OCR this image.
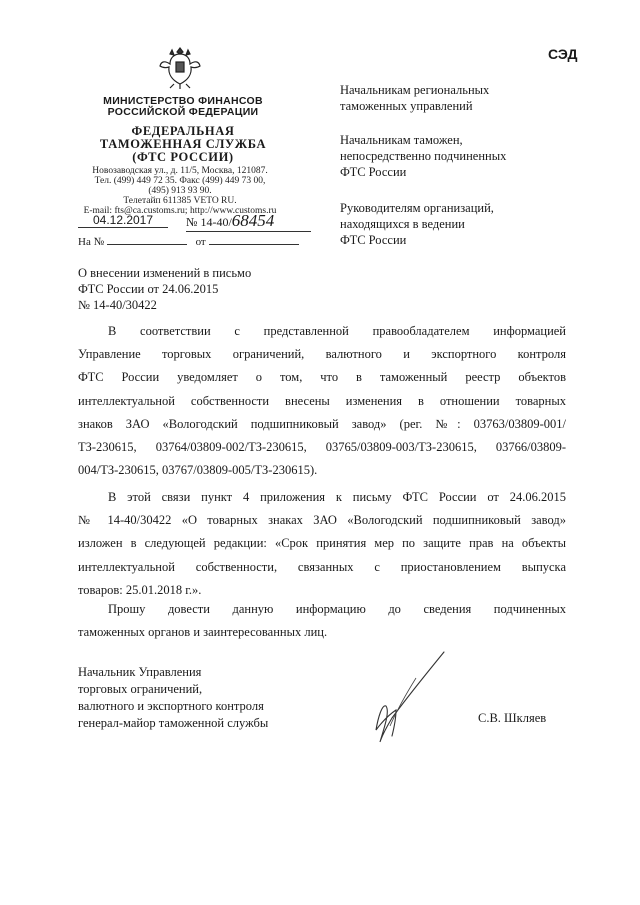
СЭД
МИНИСТЕРСТВО ФИНАНСОВ
РОССИЙСКОЙ ФЕДЕРАЦИИ
ФЕДЕРАЛЬНАЯ
ТАМОЖЕННАЯ СЛУЖБА
(ФТС РОССИИ)
Новозаводская ул., д. 11/5, Москва, 121087.
Тел. (499) 449 72 35. Факс (499) 449 73 00,
(495) 913 93 90.
Телетайп 611385 VETO RU.
E-mail: fts@ca.customs.ru; http://www.customs.ru
04.12.2017	№ 14-40/68454
На №	от
Начальникам региональных
таможенных управлений
Начальникам таможен,
непосредственно подчиненных
ФТС России
Руководителям организаций,
находящихся в ведении
ФТС России
О внесении изменений в письмо
ФТС России от 24.06.2015
№ 14-40/30422
В соответствии с представленной правообладателем информацией
Управление торговых ограничений, валютного и экспортного контроля
ФТС России уведомляет о том, что в таможенный реестр объектов
интеллектуальной собственности внесены изменения в отношении товарных
знаков ЗАО «Вологодский подшипниковый завод» (рег. №: 03763/03809-001/
ТЗ-230615, 03764/03809-002/ТЗ-230615, 03765/03809-003/ТЗ-230615, 03766/03809-
004/ТЗ-230615, 03767/03809-005/ТЗ-230615).
В этой связи пункт 4 приложения к письму ФТС России от 24.06.2015
№ 14-40/30422 «О товарных знаках ЗАО «Вологодский подшипниковый завод»
изложен в следующей редакции: «Срок принятия мер по защите прав на объекты
интеллектуальной собственности, связанных с приостановлением выпуска
товаров: 25.01.2018 г.».
Прошу довести данную информацию до сведения подчиненных
таможенных органов и заинтересованных лиц.
Начальник Управления
торговых ограничений,
валютного и экспортного контроля
генерал-майор таможенной службы	С.В. Шкляев
